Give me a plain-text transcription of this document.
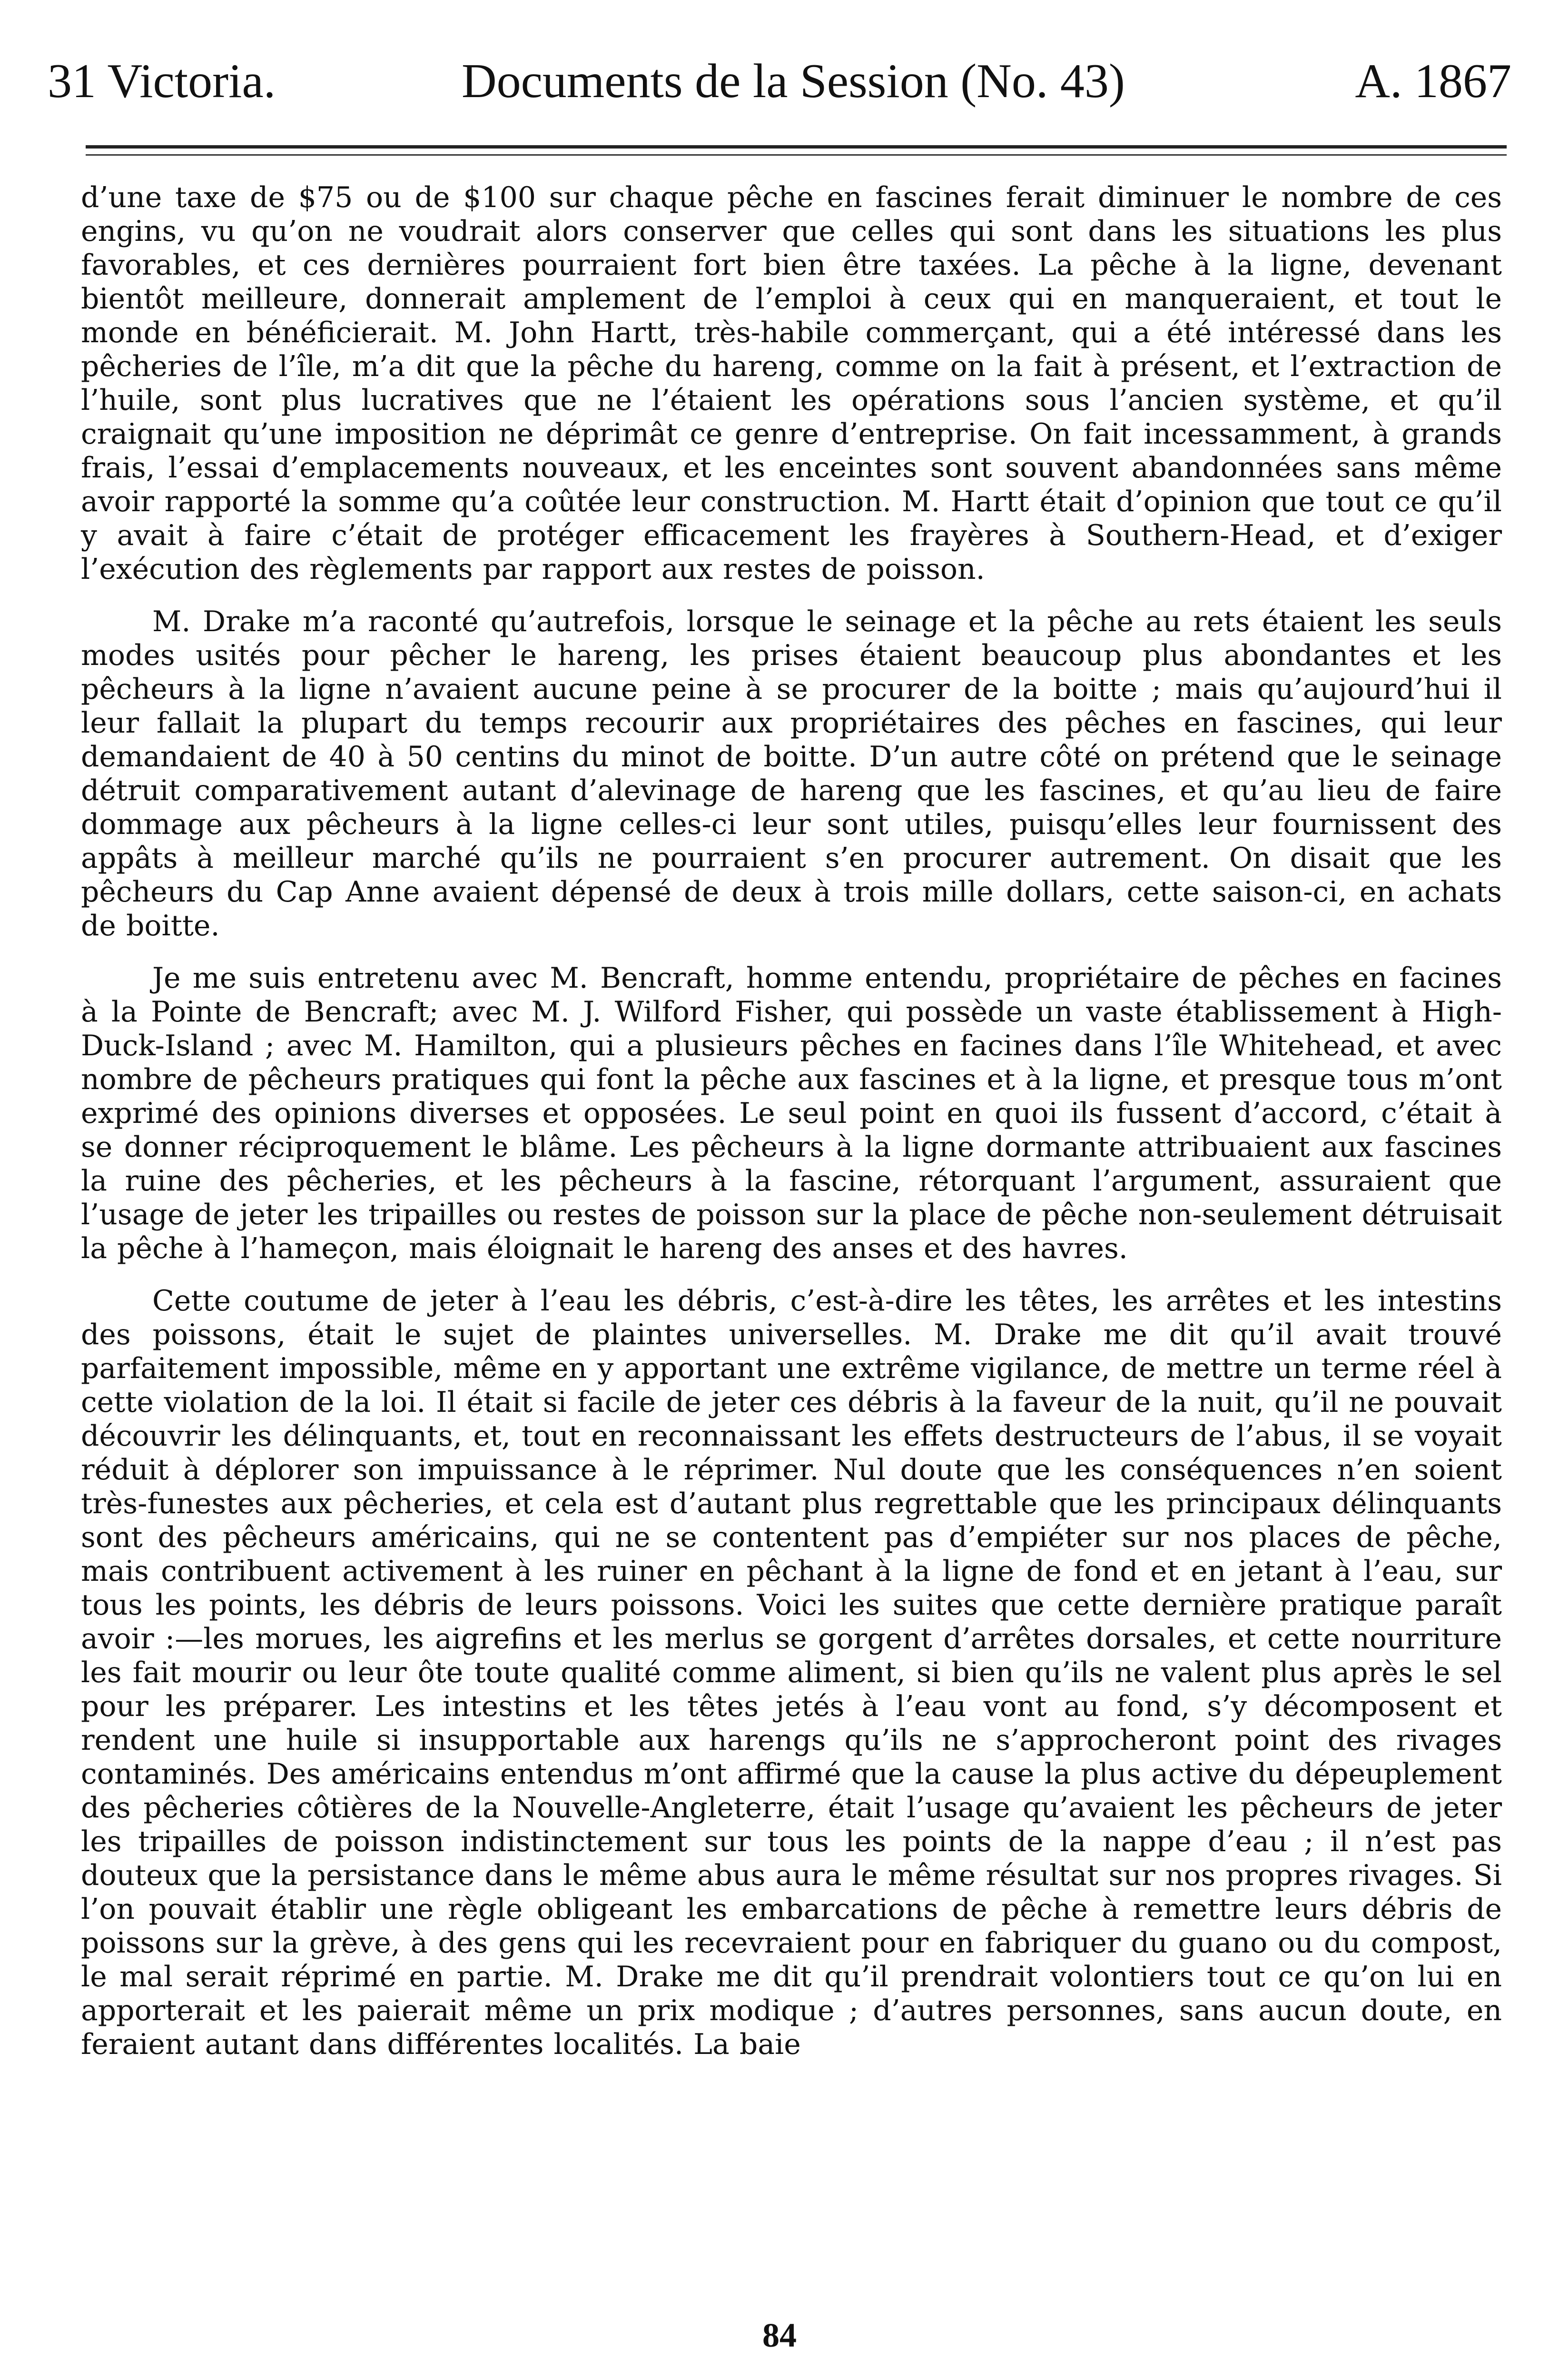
31 Victoria.	Documents de la Session (No. 43)	A. 1867

d’une taxe de $75 ou de $100 sur chaque pêche en fascines ferait diminuer le nombre de ces engins, vu qu’on ne voudrait alors conserver que celles qui sont dans les situations les plus favorables, et ces dernières pourraient fort bien être taxées. La pêche à la ligne, devenant bientôt meilleure, donnerait amplement de l’emploi à ceux qui en manqueraient, et tout le monde en bénéficierait. M. John Hartt, très-habile commerçant, qui a été intéressé dans les pêcheries de l’île, m’a dit que la pêche du hareng, comme on la fait à présent, et l’extraction de l’huile, sont plus lucratives que ne l’étaient les opérations sous l’ancien système, et qu’il craignait qu’une imposition ne déprimât ce genre d’entreprise. On fait incessamment, à grands frais, l’essai d’emplacements nouveaux, et les enceintes sont souvent abandonnées sans même avoir rapporté la somme qu’a coûtée leur construction. M. Hartt était d’opinion que tout ce qu’il y avait à faire c’était de protéger efficacement les frayères à Southern-Head, et d’exiger l’exécution des règlements par rapport aux restes de poisson.

M. Drake m’a raconté qu’autrefois, lorsque le seinage et la pêche au rets étaient les seuls modes usités pour pêcher le hareng, les prises étaient beaucoup plus abondantes et les pêcheurs à la ligne n’avaient aucune peine à se procurer de la boitte ; mais qu’aujourd’hui il leur fallait la plupart du temps recourir aux propriétaires des pêches en fascines, qui leur demandaient de 40 à 50 centins du minot de boitte. D’un autre côté on prétend que le seinage détruit comparativement autant d’alevinage de hareng que les fascines, et qu’au lieu de faire dommage aux pêcheurs à la ligne celles-ci leur sont utiles, puisqu’elles leur fournissent des appâts à meilleur marché qu’ils ne pourraient s’en procurer autrement. On disait que les pêcheurs du Cap Anne avaient dépensé de deux à trois mille dollars, cette saison-ci, en achats de boitte.

Je me suis entretenu avec M. Bencraft, homme entendu, propriétaire de pêches en facines à la Pointe de Bencraft; avec M. J. Wilford Fisher, qui possède un vaste établissement à High-Duck-Island ; avec M. Hamilton, qui a plusieurs pêches en facines dans l’île Whitehead, et avec nombre de pêcheurs pratiques qui font la pêche aux fascines et à la ligne, et presque tous m’ont exprimé des opinions diverses et opposées. Le seul point en quoi ils fussent d’accord, c’était à se donner réciproquement le blâme. Les pêcheurs à la ligne dormante attribuaient aux fascines la ruine des pêcheries, et les pêcheurs à la fascine, rétorquant l’argument, assuraient que l’usage de jeter les tripailles ou restes de poisson sur la place de pêche non-seulement détruisait la pêche à l’hameçon, mais éloignait le hareng des anses et des havres.

Cette coutume de jeter à l’eau les débris, c’est-à-dire les têtes, les arrêtes et les intestins des poissons, était le sujet de plaintes universelles. M. Drake me dit qu’il avait trouvé parfaitement impossible, même en y apportant une extrême vigilance, de mettre un terme réel à cette violation de la loi. Il était si facile de jeter ces débris à la faveur de la nuit, qu’il ne pouvait découvrir les délinquants, et, tout en reconnaissant les effets destructeurs de l’abus, il se voyait réduit à déplorer son impuissance à le réprimer. Nul doute que les conséquences n’en soient très-funestes aux pêcheries, et cela est d’autant plus regrettable que les principaux délinquants sont des pêcheurs américains, qui ne se contentent pas d’empiéter sur nos places de pêche, mais contribuent activement à les ruiner en pêchant à la ligne de fond et en jetant à l’eau, sur tous les points, les débris de leurs poissons. Voici les suites que cette dernière pratique paraît avoir :—les morues, les aigrefins et les merlus se gorgent d’arrêtes dorsales, et cette nourriture les fait mourir ou leur ôte toute qualité comme aliment, si bien qu’ils ne valent plus après le sel pour les préparer. Les intestins et les têtes jetés à l’eau vont au fond, s’y décomposent et rendent une huile si insupportable aux harengs qu’ils ne s’approcheront point des rivages contaminés. Des américains entendus m’ont affirmé que la cause la plus active du dépeuplement des pêcheries côtières de la Nouvelle-Angleterre, était l’usage qu’avaient les pêcheurs de jeter les tripailles de poisson indistinctement sur tous les points de la nappe d’eau ; il n’est pas douteux que la persistance dans le même abus aura le même résultat sur nos propres rivages. Si l’on pouvait établir une règle obligeant les embarcations de pêche à remettre leurs débris de poissons sur la grève, à des gens qui les recevraient pour en fabriquer du guano ou du compost, le mal serait réprimé en partie. M. Drake me dit qu’il prendrait volontiers tout ce qu’on lui en apporterait et les paierait même un prix modique ; d’autres personnes, sans aucun doute, en feraient autant dans différentes localités. La baie

84
